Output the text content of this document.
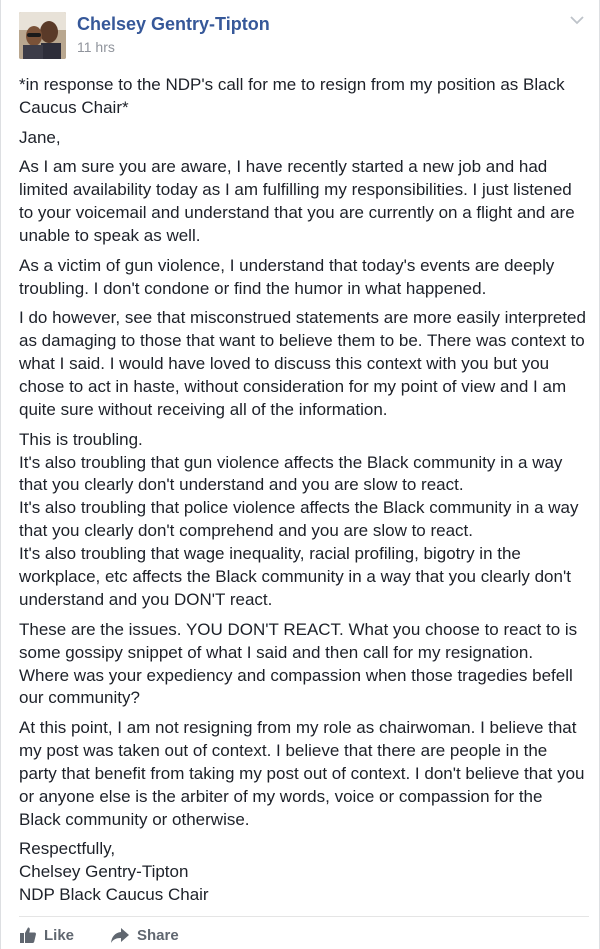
Chelsey Gentry-Tipton
11 hrs

*in response to the NDP's call for me to resign from my position as Black Caucus Chair*

Jane,

As I am sure you are aware, I have recently started a new job and had limited availability today as I am fulfilling my responsibilities. I just listened to your voicemail and understand that you are currently on a flight and are unable to speak as well.

As a victim of gun violence, I understand that today's events are deeply troubling. I don't condone or find the humor in what happened.

I do however, see that misconstrued statements are more easily interpreted as damaging to those that want to believe them to be. There was context to what I said. I would have loved to discuss this context with you but you chose to act in haste, without consideration for my point of view and I am quite sure without receiving all of the information.

This is troubling.
It's also troubling that gun violence affects the Black community in a way that you clearly don't understand and you are slow to react.
It's also troubling that police violence affects the Black community in a way that you clearly don't comprehend and you are slow to react.
It's also troubling that wage inequality, racial profiling, bigotry in the workplace, etc affects the Black community in a way that you clearly don't understand and you DON'T react.

These are the issues. YOU DON'T REACT. What you choose to react to is some gossipy snippet of what I said and then call for my resignation. Where was your expediency and compassion when those tragedies befell our community?

At this point, I am not resigning from my role as chairwoman. I believe that my post was taken out of context. I believe that there are people in the party that benefit from taking my post out of context. I don't believe that you or anyone else is the arbiter of my words, voice or compassion for the Black community or otherwise.

Respectfully,
Chelsey Gentry-Tipton
NDP Black Caucus Chair

Like	Share
